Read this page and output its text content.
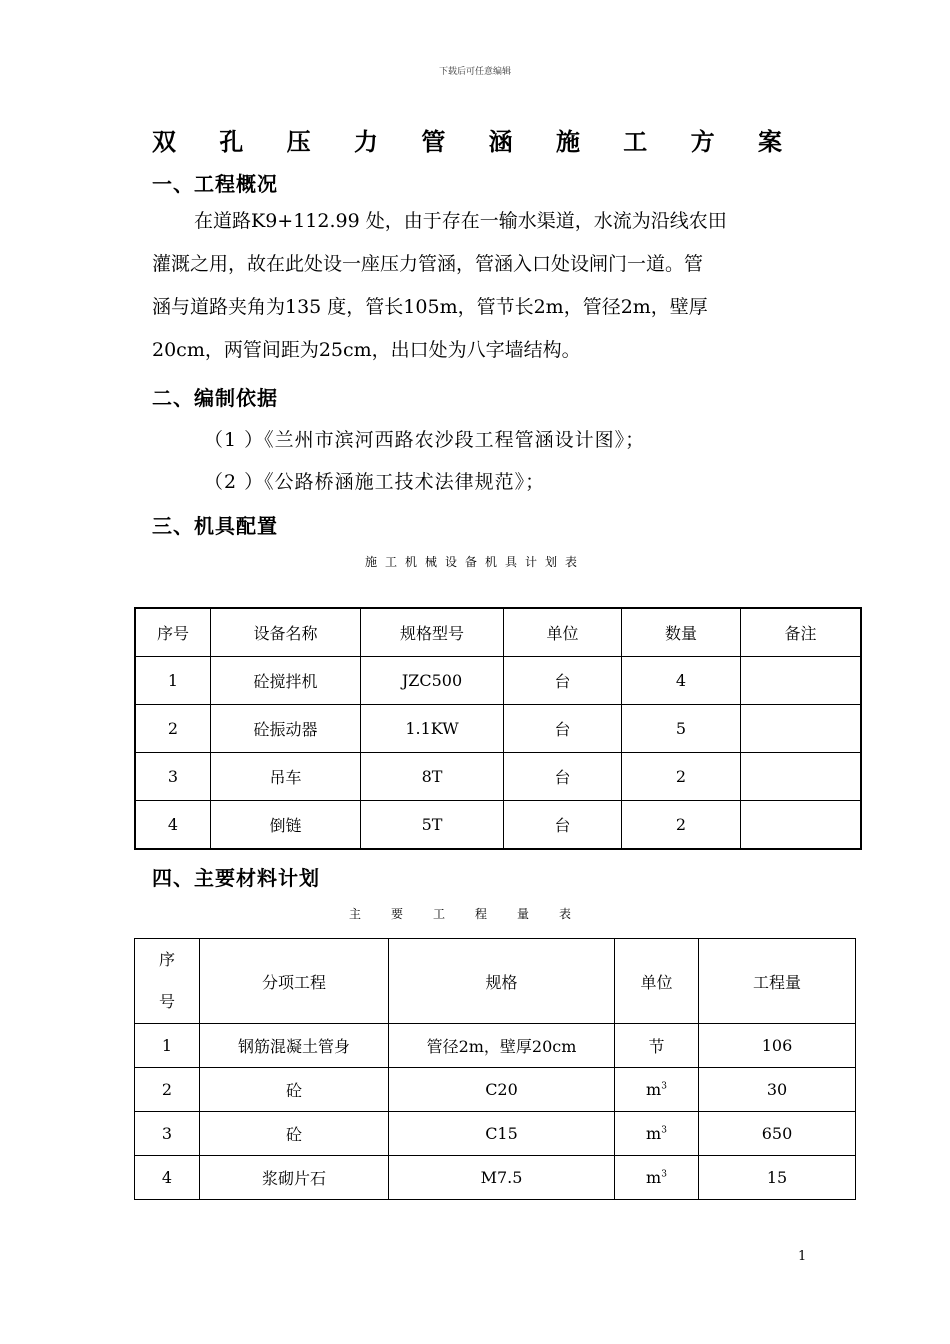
下载后可任意编辑
双 孔 压 力 管 涵 施 工 方 案
一、工程概况
在道路K9+112.99 处，由于存在一输水渠道，水流为沿线农田
灌溉之用，故在此处设一座压力管涵，管涵入口处设闸门一道。管
涵与道路夹角为135 度，管长105m，管节长2m，管径2m，壁厚
20cm，两管间距为25cm，出口处为八字墙结构。
二、编制依据
（1 ）《兰州市滨河西路农沙段工程管涵设计图》；
（2 ）《公路桥涵施工技术法律规范》；
三、机具配置
施工机械设备机具计划表
序号	设备名称	规格型号	单位	数量	备注
1	砼搅拌机	JZC500	台	4	
2	砼振动器	1.1KW	台	5	
3	吊车	8T	台	2	
4	倒链	5T	台	2	
四、主要材料计划
主要工程量表
序
号	分项工程	规格	单位	工程量
1	钢筋混凝土管身	管径2m，壁厚20cm	节	106
2	砼	C20	$m^3$	30
3	砼	C15	$m^3$	650
4	浆砌片石	M7.5	$m^3$	15
1
